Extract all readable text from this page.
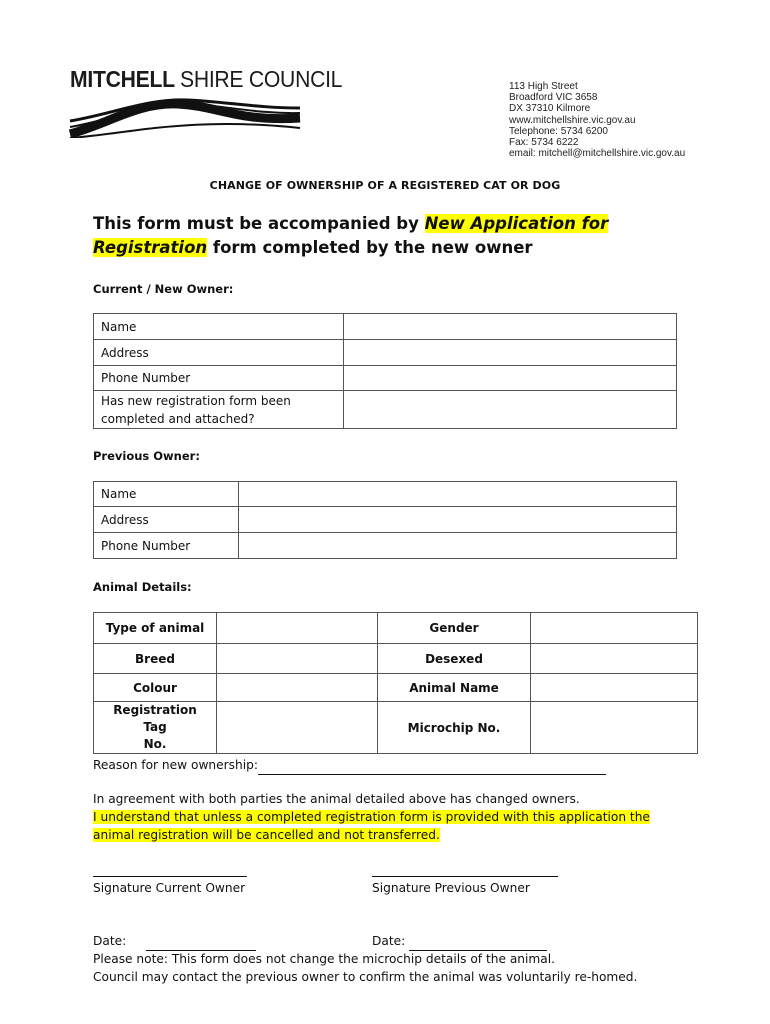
MITCHELL SHIRE COUNCIL	113 High Street
Broadford VIC 3658
DX 37310 Kilmore
www.mitchellshire.vic.gov.au
Telephone: 5734 6200
Fax: 5734 6222
email: mitchell@mitchellshire.vic.gov.au
CHANGE OF OWNERSHIP OF A REGISTERED CAT OR DOG
This form must be accompanied by New Application for
Registration form completed by the new owner
Current / New Owner:
Name	
Address	
Phone Number	
Has new registration form been
completed and attached?	
Previous Owner:
Name	
Address	
Phone Number	
Animal Details:
Type of animal		Gender	
Breed		Desexed	
Colour		Animal Name	
Registration Tag
No.		Microchip No.	
Reason for new ownership:
In agreement with both parties the animal detailed above has changed owners.
I understand that unless a completed registration form is provided with this application the
animal registration will be cancelled and not transferred.
Signature Current Owner	Signature Previous Owner
Date:	Date:
Please note: This form does not change the microchip details of the animal.
Council may contact the previous owner to confirm the animal was voluntarily re-homed.
